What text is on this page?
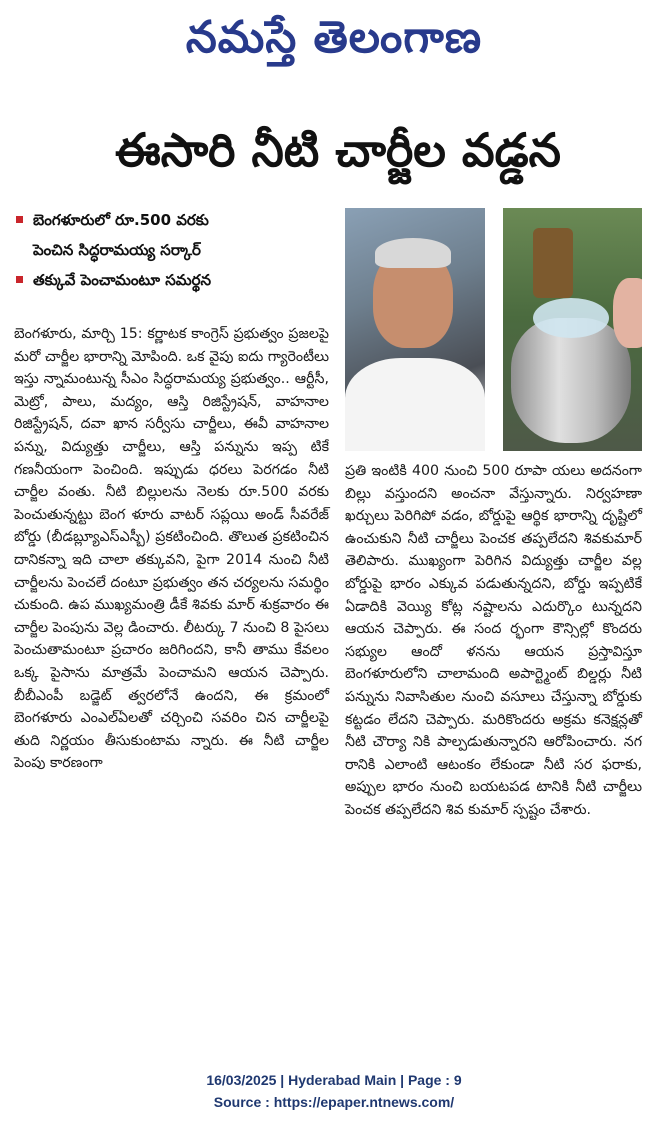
నమస్తే తెలంగాణ
ఈసారి నీటి చార్జీల వడ్డన
బెంగళూరులో రూ.500 వరకు
పెంచిన సిద్ధరామయ్య సర్కార్
తక్కువే పెంచామంటూ సమర్థన

బెంగళూరు, మార్చి 15: కర్ణాటక కాంగ్రెస్ ప్రభుత్వం ప్రజలపై మరో చార్జీల భారాన్ని మోపింది. ఒక వైపు ఐదు గ్యారెంటీలు ఇస్తు న్నామంటున్న సీఎం సిద్ధరామయ్య ప్రభుత్వం.. ఆర్టీసీ, మెట్రో, పాలు, మద్యం, ఆస్తి రిజిస్ట్రేషన్, వాహనాల రిజిస్ట్రేషన్, దవా ఖాన సర్వీసు చార్జీలు, ఈవీ వాహనాల పన్ను, విద్యుత్తు చార్జీలు, ఆస్తి పన్నును ఇప్ప టికే గణనీయంగా పెంచింది. ఇప్పుడు ధరలు పెరగడం నీటి చార్జీల వంతు. నీటి బిల్లులను నెలకు రూ.500 వరకు పెంచుతున్నట్టు బెంగ ళూరు వాటర్ సప్లయి అండ్ సీవరేజ్ బోర్డు (బీడబ్ల్యూఎస్ఎస్బీ) ప్రకటించింది. తొలుత ప్రకటించిన దానికన్నా ఇది చాలా తక్కువని, పైగా 2014 నుంచి నీటి చార్జీలను పెంచలే దంటూ ప్రభుత్వం తన చర్యలను సమర్థిం చుకుంది. ఉప ముఖ్యమంత్రి డీకే శివకు మార్ శుక్రవారం ఈ చార్జీల పెంపును వెల్ల డించారు. లీటర్కు 7 నుంచి 8 పైసలు పెంచుతామంటూ ప్రచారం జరిగిందని, కానీ తాము కేవలం ఒక్క పైసాను మాత్రమే పెంచామని ఆయన చెప్పారు. బీబీఎంపీ బడ్జెట్ త్వరలోనే ఉందని, ఈ క్రమంలో బెంగళూరు ఎంఎల్ఏలతో చర్చించి సవరిం చిన చార్జీలపై తుది నిర్ణయం తీసుకుంటామ న్నారు. ఈ నీటి చార్జీల పెంపు కారణంగా

ప్రతి ఇంటికి 400 నుంచి 500 రూపా యలు అదనంగా బిల్లు వస్తుందని అంచనా వేస్తున్నారు. నిర్వహణా ఖర్చులు పెరిగిపో వడం, బోర్డుపై ఆర్థిక భారాన్ని దృష్టిలో ఉంచుకుని నీటి చార్జీలు పెంచక తప్పలేదని శివకుమార్ తెలిపారు. ముఖ్యంగా పెరిగిన విద్యుత్తు చార్జీల వల్ల బోర్డుపై భారం ఎక్కువ పడుతున్నదని, బోర్డు ఇప్పటికే ఏడాదికి వెయ్యి కోట్ల నష్టాలను ఎదుర్కొం టున్నదని ఆయన చెప్పారు. ఈ సంద ర్భంగా కౌన్సిల్లో కొందరు సభ్యుల ఆందో ళనను ఆయన ప్రస్తావిస్తూ బెంగళూరులోని చాలామంది అపార్ట్మెంట్ బిల్డర్లు నీటి పన్నును నివాసితుల నుంచి వసూలు చేస్తున్నా బోర్డుకు కట్టడం లేదని చెప్పారు. మరికొందరు అక్రమ కనెక్షన్లతో నీటి చౌర్యా నికి పాల్పడుతున్నారని ఆరోపించారు. నగ రానికి ఎలాంటి ఆటంకం లేకుండా నీటి సర ఫరాకు, అప్పుల భారం నుంచి బయటపడ టానికి నీటి చార్జీలు పెంచక తప్పలేదని శివ కుమార్ స్పష్టం చేశారు.

16/03/2025 | Hyderabad Main | Page : 9
Source : https://epaper.ntnews.com/
